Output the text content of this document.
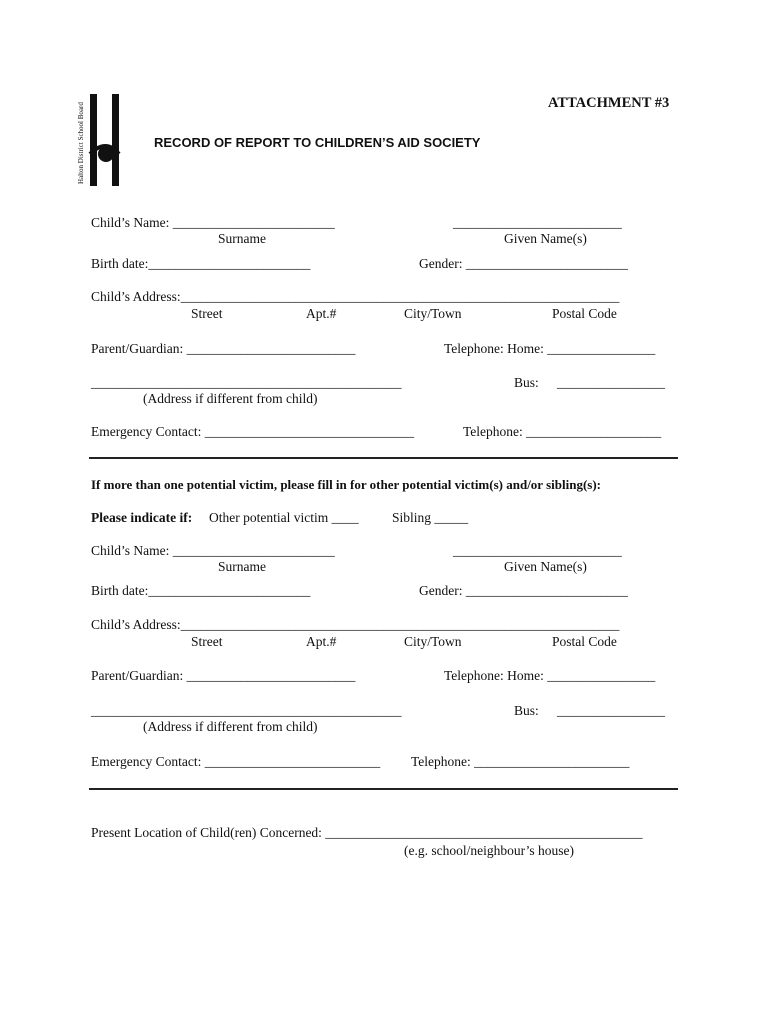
Halton District School Board	ATTACHMENT #3
RECORD OF REPORT TO CHILDREN’S AID SOCIETY
Child’s Name: ________________________	_________________________
Surname	Given Name(s)
Birth date:________________________	Gender: ________________________
Child’s Address:_________________________________________________________________
Street	Apt.#	City/Town	Postal Code
Parent/Guardian: _________________________	Telephone: Home: ________________
______________________________________________	Bus: ________________
(Address if different from child)
Emergency Contact: _______________________________	Telephone: ____________________
If more than one potential victim, please fill in for other potential victim(s) and/or sibling(s):
Please indicate if: Other potential victim ____ Sibling _____
Child’s Name: ________________________	_________________________
Surname	Given Name(s)
Birth date:________________________	Gender: ________________________
Child’s Address:_________________________________________________________________
Street	Apt.#	City/Town	Postal Code
Parent/Guardian: _________________________	Telephone: Home: ________________
______________________________________________	Bus: ________________
(Address if different from child)
Emergency Contact: __________________________ Telephone: _______________________
Present Location of Child(ren) Concerned: _______________________________________________
(e.g. school/neighbour’s house)
